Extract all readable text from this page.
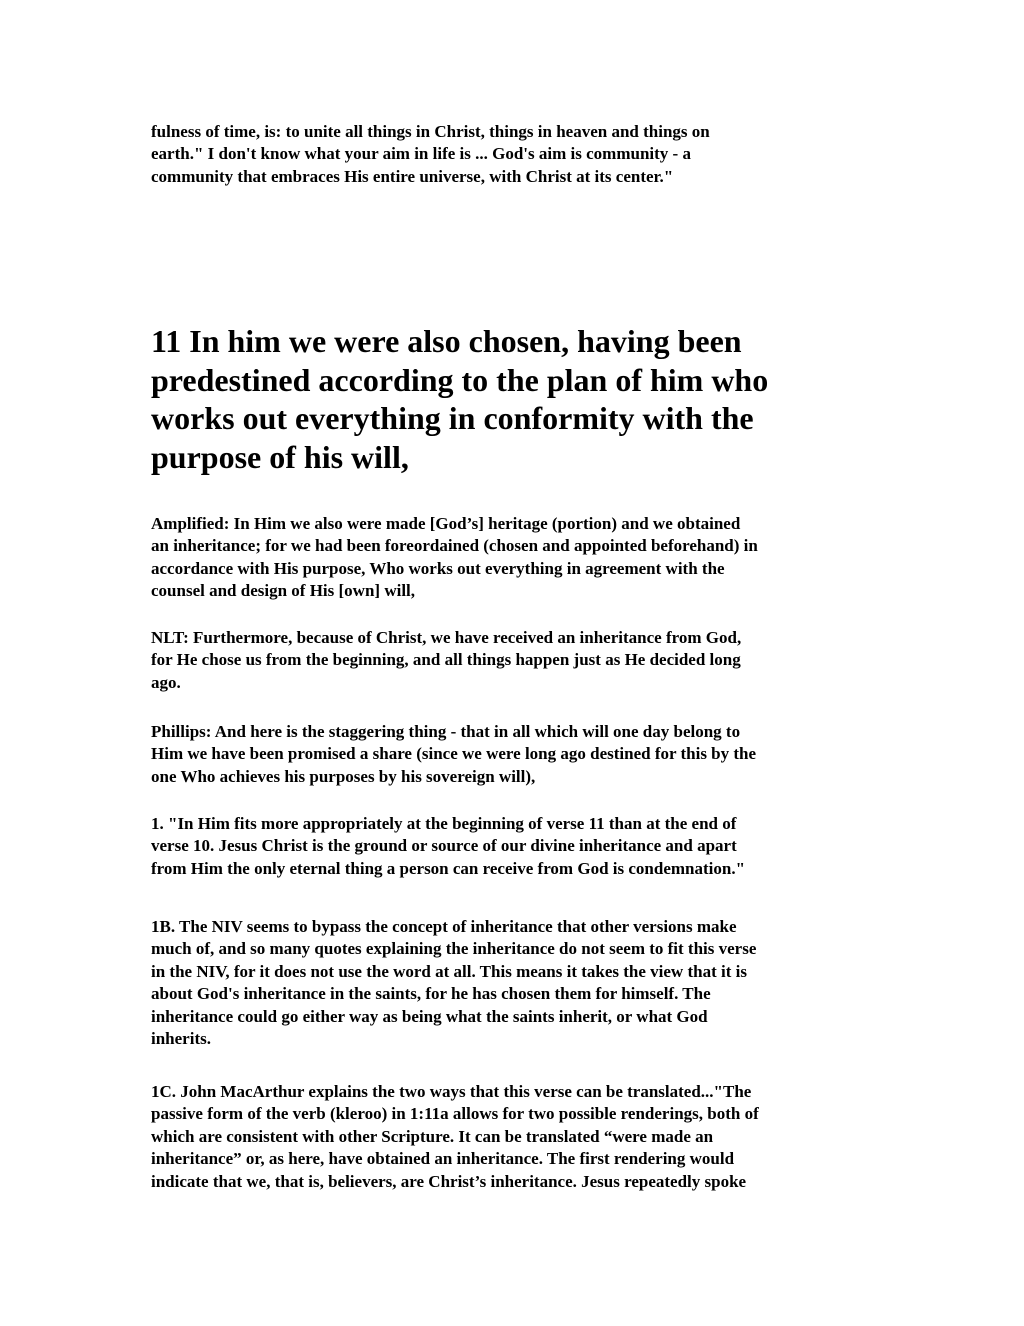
fulness of time, is: to unite all things in Christ, things in heaven and things on
earth." I don't know what your aim in life is ... God's aim is community - a
community that embraces His entire universe, with Christ at its center."

11 In him we were also chosen, having been
predestined according to the plan of him who
works out everything in conformity with the
purpose of his will,

Amplified: In Him we also were made [God’s] heritage (portion) and we obtained
an inheritance; for we had been foreordained (chosen and appointed beforehand) in
accordance with His purpose, Who works out everything in agreement with the
counsel and design of His [own] will,

NLT: Furthermore, because of Christ, we have received an inheritance from God,
for He chose us from the beginning, and all things happen just as He decided long
ago.

Phillips: And here is the staggering thing - that in all which will one day belong to
Him we have been promised a share (since we were long ago destined for this by the
one Who achieves his purposes by his sovereign will),

1. "In Him fits more appropriately at the beginning of verse 11 than at the end of
verse 10. Jesus Christ is the ground or source of our divine inheritance and apart
from Him the only eternal thing a person can receive from God is condemnation."

1B. The NIV seems to bypass the concept of inheritance that other versions make
much of, and so many quotes explaining the inheritance do not seem to fit this verse
in the NIV, for it does not use the word at all. This means it takes the view that it is
about God's inheritance in the saints, for he has chosen them for himself. The
inheritance could go either way as being what the saints inherit, or what God
inherits.

1C. John MacArthur explains the two ways that this verse can be translated..."The
passive form of the verb (kleroo) in 1:11a allows for two possible renderings, both of
which are consistent with other Scripture. It can be translated “were made an
inheritance” or, as here, have obtained an inheritance. The first rendering would
indicate that we, that is, believers, are Christ’s inheritance. Jesus repeatedly spoke
